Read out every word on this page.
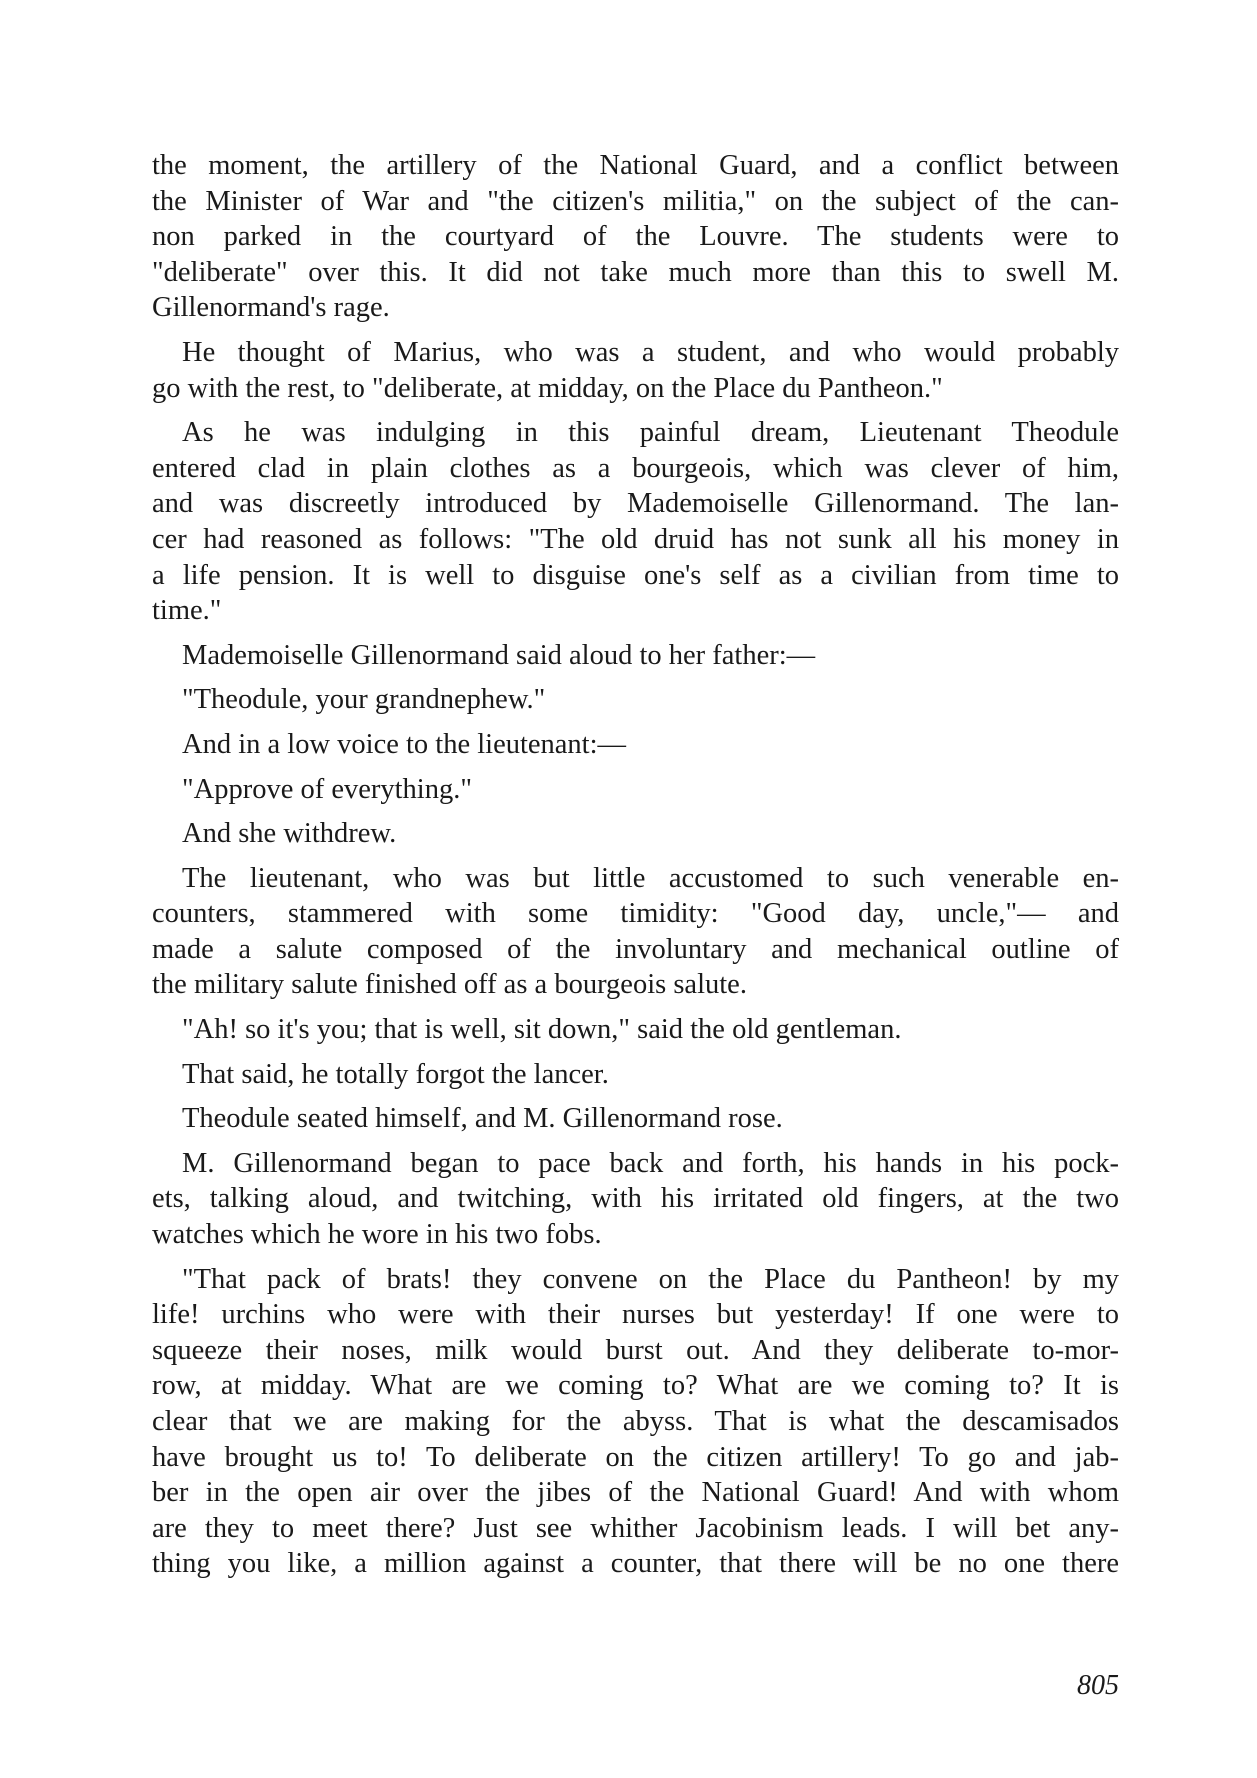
the moment, the artillery of the National Guard, and a conflict between
the Minister of War and "the citizen's militia," on the subject of the can-
non parked in the courtyard of the Louvre. The students were to
"deliberate" over this. It did not take much more than this to swell M.
Gillenormand's rage.
He thought of Marius, who was a student, and who would probably
go with the rest, to "deliberate, at midday, on the Place du Pantheon."
As he was indulging in this painful dream, Lieutenant Theodule
entered clad in plain clothes as a bourgeois, which was clever of him,
and was discreetly introduced by Mademoiselle Gillenormand. The lan-
cer had reasoned as follows: "The old druid has not sunk all his money in
a life pension. It is well to disguise one's self as a civilian from time to
time."
Mademoiselle Gillenormand said aloud to her father:—
"Theodule, your grandnephew."
And in a low voice to the lieutenant:—
"Approve of everything."
And she withdrew.
The lieutenant, who was but little accustomed to such venerable en-
counters, stammered with some timidity: "Good day, uncle,"— and
made a salute composed of the involuntary and mechanical outline of
the military salute finished off as a bourgeois salute.
"Ah! so it's you; that is well, sit down," said the old gentleman.
That said, he totally forgot the lancer.
Theodule seated himself, and M. Gillenormand rose.
M. Gillenormand began to pace back and forth, his hands in his pock-
ets, talking aloud, and twitching, with his irritated old fingers, at the two
watches which he wore in his two fobs.
"That pack of brats! they convene on the Place du Pantheon! by my
life! urchins who were with their nurses but yesterday! If one were to
squeeze their noses, milk would burst out. And they deliberate to-mor-
row, at midday. What are we coming to? What are we coming to? It is
clear that we are making for the abyss. That is what the descamisados
have brought us to! To deliberate on the citizen artillery! To go and jab-
ber in the open air over the jibes of the National Guard! And with whom
are they to meet there? Just see whither Jacobinism leads. I will bet any-
thing you like, a million against a counter, that there will be no one there
805
